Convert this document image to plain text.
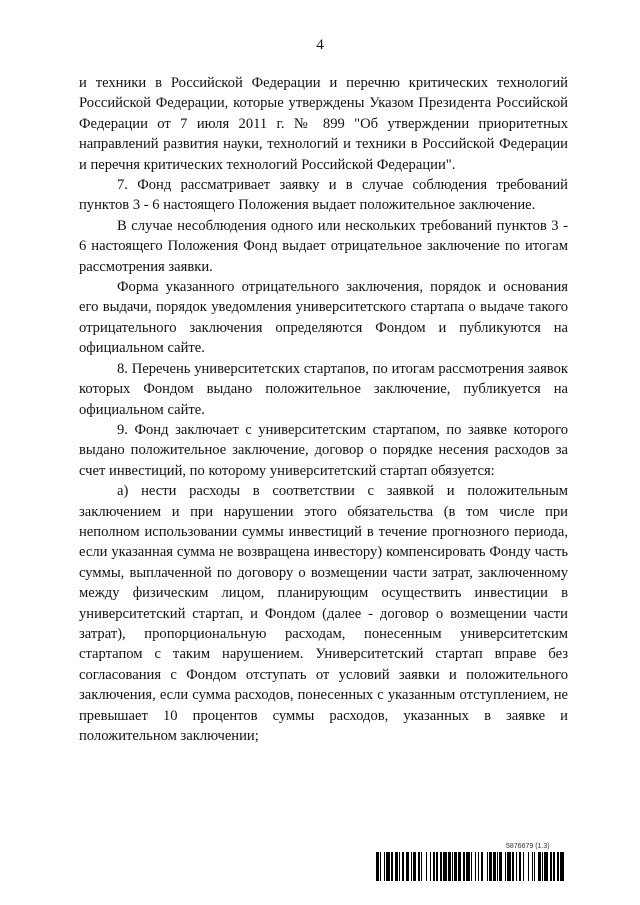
4

и техники в Российской Федерации и перечню критических технологий Российской Федерации, которые утверждены Указом Президента Российской Федерации от 7 июля 2011 г. № 899 "Об утверждении приоритетных направлений развития науки, технологий и техники в Российской Федерации и перечня критических технологий Российской Федерации".

7. Фонд рассматривает заявку и в случае соблюдения требований пунктов 3 - 6 настоящего Положения выдает положительное заключение.

В случае несоблюдения одного или нескольких требований пунктов 3 - 6 настоящего Положения Фонд выдает отрицательное заключение по итогам рассмотрения заявки.

Форма указанного отрицательного заключения, порядок и основания его выдачи, порядок уведомления университетского стартапа о выдаче такого отрицательного заключения определяются Фондом и публикуются на официальном сайте.

8. Перечень университетских стартапов, по итогам рассмотрения заявок которых Фондом выдано положительное заключение, публикуется на официальном сайте.

9. Фонд заключает с университетским стартапом, по заявке которого выдано положительное заключение, договор о порядке несения расходов за счет инвестиций, по которому университетский стартап обязуется:

а) нести расходы в соответствии с заявкой и положительным заключением и при нарушении этого обязательства (в том числе при неполном использовании суммы инвестиций в течение прогнозного периода, если указанная сумма не возвращена инвестору) компенсировать Фонду часть суммы, выплаченной по договору о возмещении части затрат, заключенному между физическим лицом, планирующим осуществить инвестиции в университетский стартап, и Фондом (далее - договор о возмещении части затрат), пропорциональную расходам, понесенным университетским стартапом с таким нарушением. Университетский стартап вправе без согласования с Фондом отступать от условий заявки и положительного заключения, если сумма расходов, понесенных с указанным отступлением, не превышает 10 процентов суммы расходов, указанных в заявке и положительном заключении;

5876679 (1.3)
